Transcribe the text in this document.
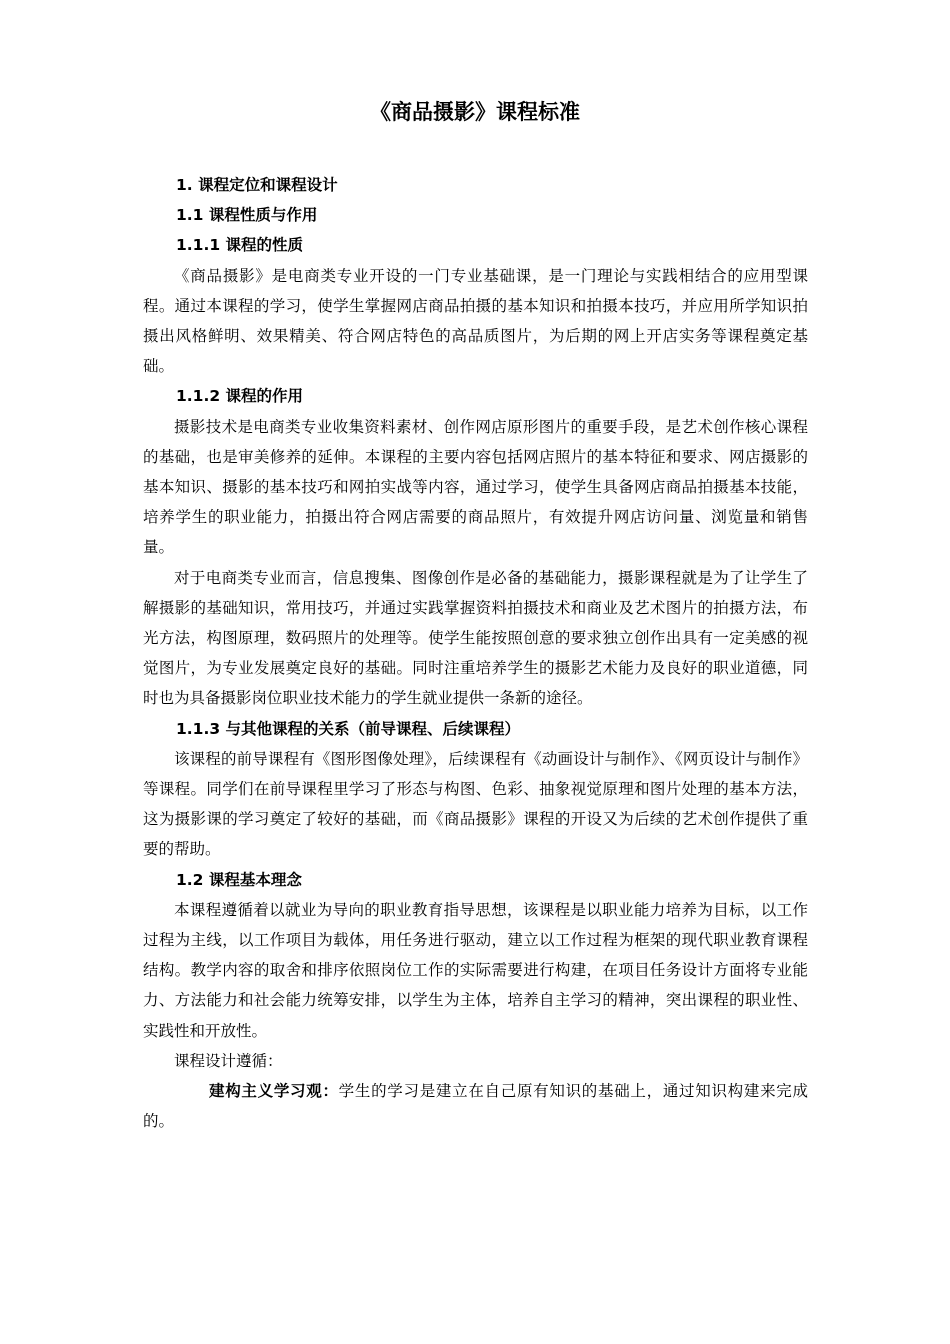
《商品摄影》课程标准
1. 课程定位和课程设计
1.1 课程性质与作用
1.1.1 课程的性质

《商品摄影》是电商类专业开设的一门专业基础课，是一门理论与实践相结合的应用型课程。通过本课程的学习，使学生掌握网店商品拍摄的基本知识和拍摄本技巧，并应用所学知识拍摄出风格鲜明、效果精美、符合网店特色的高品质图片，为后期的网上开店实务等课程奠定基础。

1.1.2 课程的作用

摄影技术是电商类专业收集资料素材、创作网店原形图片的重要手段，是艺术创作核心课程的基础，也是审美修养的延伸。本课程的主要内容包括网店照片的基本特征和要求、网店摄影的基本知识、摄影的基本技巧和网拍实战等内容，通过学习，使学生具备网店商品拍摄基本技能，培养学生的职业能力，拍摄出符合网店需要的商品照片，有效提升网店访问量、浏览量和销售量。

对于电商类专业而言，信息搜集、图像创作是必备的基础能力，摄影课程就是为了让学生了解摄影的基础知识，常用技巧，并通过实践掌握资料拍摄技术和商业及艺术图片的拍摄方法，布光方法，构图原理，数码照片的处理等。使学生能按照创意的要求独立创作出具有一定美感的视觉图片，为专业发展奠定良好的基础。同时注重培养学生的摄影艺术能力及良好的职业道德，同时也为具备摄影岗位职业技术能力的学生就业提供一条新的途径。

1.1.3 与其他课程的关系（前导课程、后续课程）

该课程的前导课程有《图形图像处理》，后续课程有《动画设计与制作》、《网页设计与制作》等课程。同学们在前导课程里学习了形态与构图、色彩、抽象视觉原理和图片处理的基本方法，这为摄影课的学习奠定了较好的基础，而《商品摄影》课程的开设又为后续的艺术创作提供了重要的帮助。

1.2 课程基本理念

本课程遵循着以就业为导向的职业教育指导思想，该课程是以职业能力培养为目标，以工作过程为主线，以工作项目为载体，用任务进行驱动，建立以工作过程为框架的现代职业教育课程结构。教学内容的取舍和排序依照岗位工作的实际需要进行构建，在项目任务设计方面将专业能力、方法能力和社会能力统筹安排，以学生为主体，培养自主学习的精神，突出课程的职业性、实践性和开放性。

课程设计遵循：

建构主义学习观：学生的学习是建立在自己原有知识的基础上，通过知识构建来完成的。
